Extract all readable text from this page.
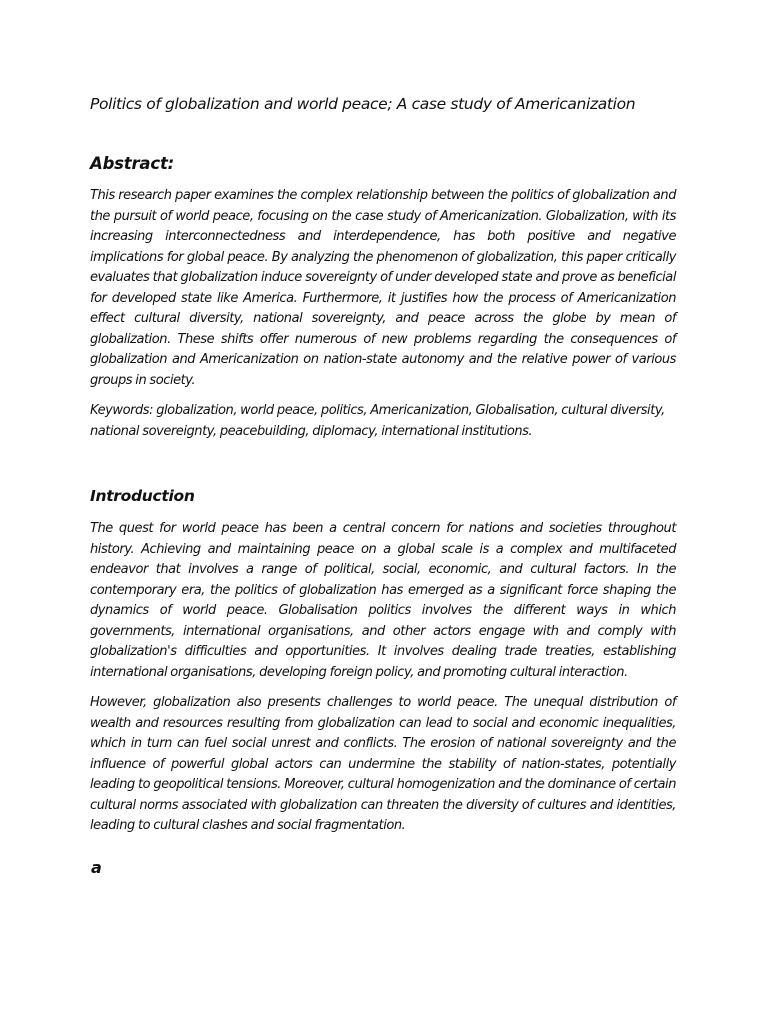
Politics of globalization and world peace; A case study of Americanization

Abstract:

This research paper examines the complex relationship between the politics of globalization and the pursuit of world peace, focusing on the case study of Americanization. Globalization, with its increasing interconnectedness and interdependence, has both positive and negative implications for global peace. By analyzing the phenomenon of globalization, this paper critically evaluates that globalization induce sovereignty of under developed state and prove as beneficial for developed state like America. Furthermore, it justifies how the process of Americanization effect cultural diversity, national sovereignty, and peace across the globe by mean of globalization. These shifts offer numerous of new problems regarding the consequences of globalization and Americanization on nation-state autonomy and the relative power of various groups in society.

Keywords: globalization, world peace, politics, Americanization, Globalisation, cultural diversity, national sovereignty, peacebuilding, diplomacy, international institutions.

Introduction

The quest for world peace has been a central concern for nations and societies throughout history. Achieving and maintaining peace on a global scale is a complex and multifaceted endeavor that involves a range of political, social, economic, and cultural factors. In the contemporary era, the politics of globalization has emerged as a significant force shaping the dynamics of world peace. Globalisation politics involves the different ways in which governments, international organisations, and other actors engage with and comply with globalization's difficulties and opportunities. It involves dealing trade treaties, establishing international organisations, developing foreign policy, and promoting cultural interaction.

However, globalization also presents challenges to world peace. The unequal distribution of wealth and resources resulting from globalization can lead to social and economic inequalities, which in turn can fuel social unrest and conflicts. The erosion of national sovereignty and the influence of powerful global actors can undermine the stability of nation-states, potentially leading to geopolitical tensions. Moreover, cultural homogenization and the dominance of certain cultural norms associated with globalization can threaten the diversity of cultures and identities, leading to cultural clashes and social fragmentation.

a
